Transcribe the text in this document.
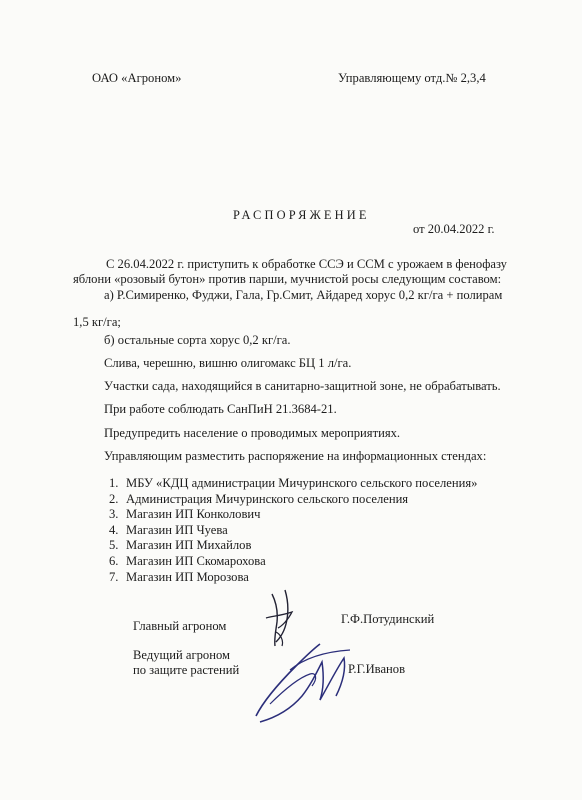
ОАО «Агроном»	Управляющему отд.№ 2,3,4
РАСПОРЯЖЕНИЕ
от 20.04.2022 г.
С 26.04.2022 г. приступить к обработке ССЭ и ССМ с урожаем в фенофазу
яблони «розовый бутон» против парши, мучнистой росы следующим составом:
а) Р.Симиренко, Фуджи, Гала, Гр.Смит, Айдаред хорус 0,2 кг/га + полирам
1,5 кг/га;
б) остальные сорта хорус 0,2 кг/га.
Слива, черешню, вишню олигомакс БЦ 1 л/га.
Участки сада, находящийся в санитарно-защитной зоне, не обрабатывать.
При работе соблюдать СанПиН 21.3684-21.
Предупредить население о проводимых мероприятиях.
Управляющим разместить распоряжение на информационных стендах:
1. МБУ «КДЦ администрации Мичуринского сельского поселения»
2. Администрация Мичуринского сельского поселения
3. Магазин ИП Конколович
4. Магазин ИП Чуева
5. Магазин ИП Михайлов
6. Магазин ИП Скомарохова
7. Магазин ИП Морозова
Главный агроном	Г.Ф.Потудинский
Ведущий агроном
по защите растений	Р.Г.Иванов
